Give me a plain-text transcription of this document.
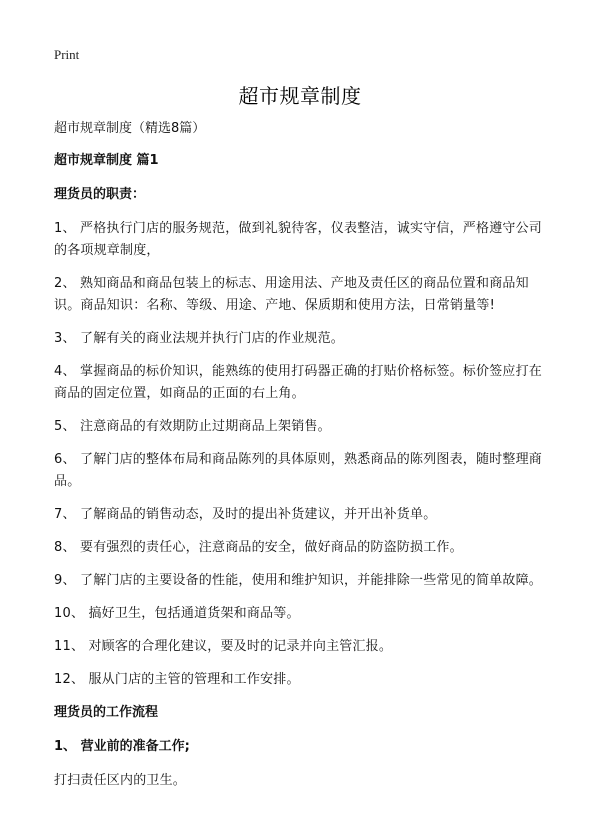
Print
超市规章制度

超市规章制度（精选8篇）

超市规章制度 篇1

理货员的职责：

1、 严格执行门店的服务规范，做到礼貌待客，仪表整洁，诚实守信，严格遵守公司的各项规章制度，

2、 熟知商品和商品包装上的标志、用途用法、产地及责任区的商品位置和商品知识。商品知识：名称、等级、用途、产地、保质期和使用方法，日常销量等!

3、 了解有关的商业法规并执行门店的作业规范。

4、 掌握商品的标价知识，能熟练的使用打码器正确的打贴价格标签。标价签应打在商品的固定位置，如商品的正面的右上角。

5、 注意商品的有效期防止过期商品上架销售。

6、 了解门店的整体布局和商品陈列的具体原则，熟悉商品的陈列图表，随时整理商品。

7、 了解商品的销售动态，及时的提出补货建议，并开出补货单。

8、 要有强烈的责任心，注意商品的安全，做好商品的防盗防损工作。

9、 了解门店的主要设备的性能，使用和维护知识，并能排除一些常见的简单故障。

10、 搞好卫生，包括通道货架和商品等。

11、 对顾客的合理化建议，要及时的记录并向主管汇报。

12、 服从门店的主管的管理和工作安排。

理货员的工作流程

1、 营业前的准备工作;

打扫责任区内的卫生。
